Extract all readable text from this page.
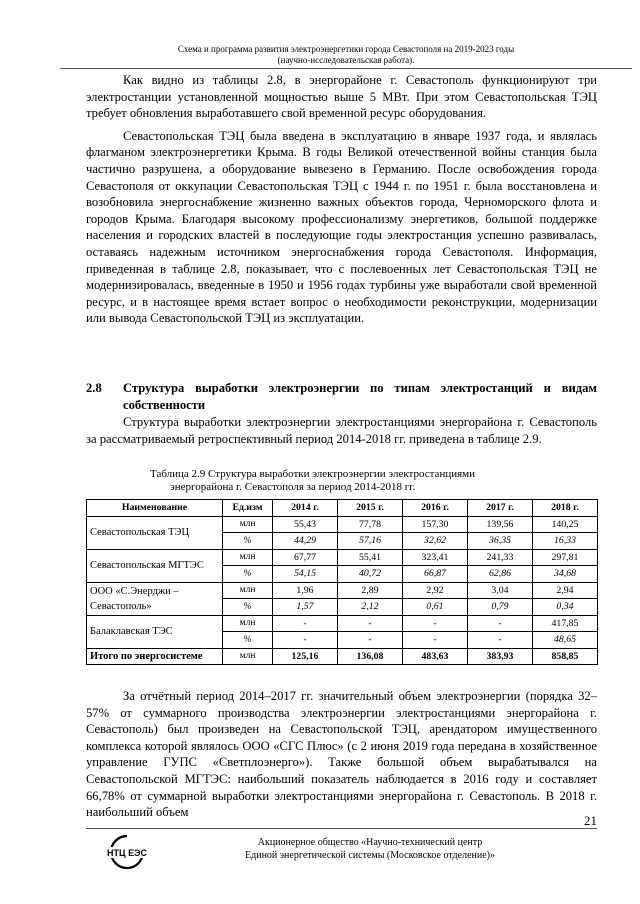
Схема и программа развития электроэнергетики города Севастополя на 2019-2023 годы
(научно-исследовательская работа).

Как видно из таблицы 2.8, в энергорайоне г. Севастополь функционируют три электростанции установленной мощностью выше 5 МВт. При этом Севастопольская ТЭЦ требует обновления выработавшего свой временной ресурс оборудования.

Севастопольская ТЭЦ была введена в эксплуатацию в январе 1937 года, и являлась флагманом электроэнергетики Крыма. В годы Великой отечественной войны станция была частично разрушена, а оборудование вывезено в Германию. После освобождения города Севастополя от оккупации Севастопольская ТЭЦ с 1944 г. по 1951 г. была восстановлена и возобновила энергоснабжение жизненно важных объектов города, Черноморского флота и городов Крыма. Благодаря высокому профессионализму энергетиков, большой поддержке населения и городских властей в последующие годы электростанция успешно развивалась, оставаясь надежным источником энергоснабжения города Севастополя. Информация, приведенная в таблице 2.8, показывает, что с послевоенных лет Севастопольская ТЭЦ не модернизировалась, введенные в 1950 и 1956 годах турбины уже выработали свой временной ресурс, и в настоящее время встает вопрос о необходимости реконструкции, модернизации или вывода Севастопольской ТЭЦ из эксплуатации.

2.8 Структура выработки электроэнергии по типам электростанций и видам собственности

Структура выработки электроэнергии электростанциями энергорайона г. Севастополь за рассматриваемый ретроспективный период 2014-2018 гг. приведена в таблице 2.9.

Таблица 2.9 Структура выработки электроэнергии электростанциями
энергорайона г. Севастополя за период 2014-2018 гг.
Наименование	Ед.изм	2014 г.	2015 г.	2016 г.	2017 г.	2018 г.
Севастопольская ТЭЦ	млн	55,43	77,78	157,30	139,56	140,25
	%	44,29	57,16	32,62	36,35	16,33
Севастопольская МГТЭС	млн	67,77	55,41	323,41	241,33	297,81
	%	54,15	40,72	66,87	62,86	34,68
ООО «С.Энерджи – Севастополь»	млн	1,96	2,89	2,92	3,04	2,94
	%	1,57	2,12	0,61	0,79	0,34
Балаклавская ТЭС	млн	-	-	-	-	417,85
	%	-	-	-	-	48,65
Итого по энергосистеме	млн	125,16	136,08	483,63	383,93	858,85

За отчётный период 2014–2017 гг. значительный объем электроэнергии (порядка 32–57% от суммарного производства электроэнергии электростанциями энергорайона г. Севастополь) был произведен на Севастопольской ТЭЦ, арендатором имущественного комплекса которой являлось ООО «СГС Плюс» (с 2 июня 2019 года передана в хозяйственное управление ГУПС «Светплоэнерго»). Также большой объем вырабатывался на Севастопольской МГТЭС: наибольший показатель наблюдается в 2016 году и составляет 66,78% от суммарной выработки электростанциями энергорайона г. Севастополь. В 2018 г. наибольший объем

21
НТЦ ЕЭС
Акционерное общество «Научно-технический центр
Единой энергетической системы (Московское отделение)»
